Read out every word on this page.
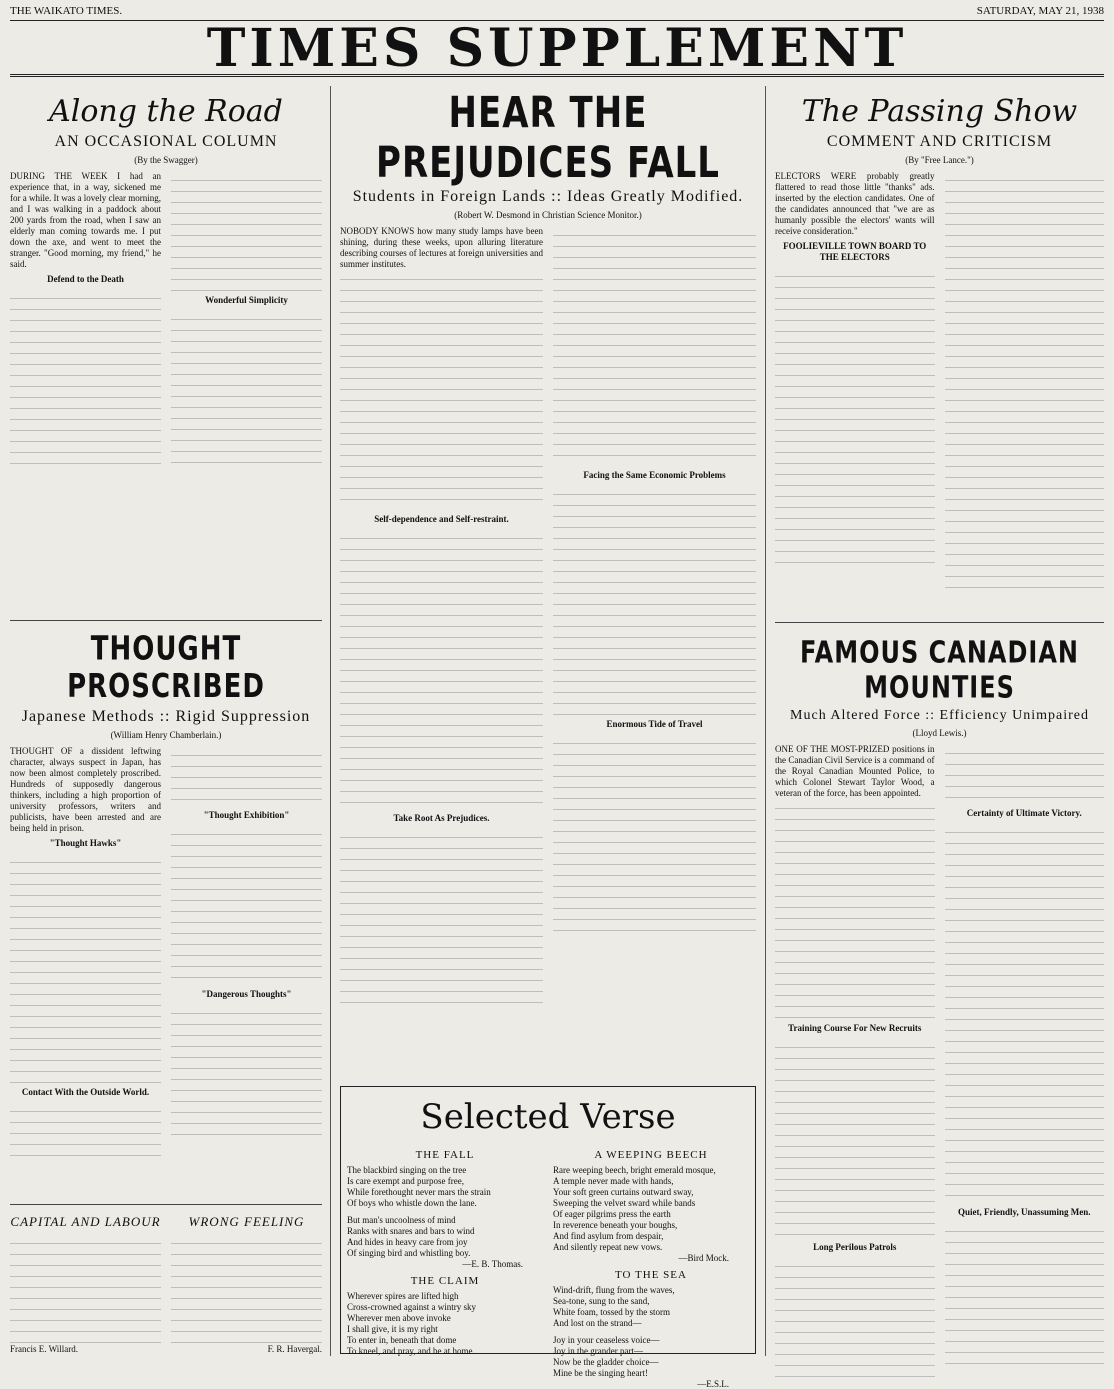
THE WAIKATO TIMES.	SATURDAY, MAY 21, 1938
TIMES SUPPLEMENT
Along the Road
AN OCCASIONAL COLUMN
(By the Swagger)
DURING THE WEEK I had an experience that, in a way, sickened me for a while. It was a lovely clear morning, and I was walking in a paddock about 200 yards from the road, when I saw an elderly man coming towards me. I put down the axe, and went to meet the stranger. "Good morning, my friend," he said.
Defend to the Death
Wonderful Simplicity
THOUGHT PROSCRIBED
Japanese Methods :: Rigid Suppression
(William Henry Chamberlain.)
THOUGHT OF a dissident leftwing character, always suspect in Japan, has now been almost completely proscribed. Hundreds of supposedly dangerous thinkers, including a high proportion of university professors, writers and publicists, have been arrested and are being held in prison.
"Thought Hawks"
Contact With the Outside World.
"Thought Exhibition"
"Dangerous Thoughts"
CAPITAL AND LABOUR
Francis E. Willard.
WRONG FEELING
F. R. Havergal.
HEAR THE PREJUDICES FALL
Students in Foreign Lands :: Ideas Greatly Modified.
(Robert W. Desmond in Christian Science Monitor.)
NOBODY KNOWS how many study lamps have been shining, during these weeks, upon alluring literature describing courses of lectures at foreign universities and summer institutes.
Self-dependence and Self-restraint.
Take Root As Prejudices.
Facing the Same Economic Problems
Enormous Tide of Travel
Selected Verse
THE FALL
The blackbird singing on the tree
Is care exempt and purpose free,
While forethought never mars the strain
Of boys who whistle down the lane.
But man's uncoolness of mind
Ranks with snares and bars to wind
And hides in heavy care from joy
Of singing bird and whistling boy.
—E. B. Thomas.
THE CLAIM
Wherever spires are lifted high
Cross-crowned against a wintry sky
Wherever men above invoke
I shall give, it is my right
To enter in, beneath that dome
To kneel, and pray, and be at home.
A WEEPING BEECH
Rare weeping beech, bright emerald mosque,
A temple never made with hands,
Your soft green curtains outward sway,
Sweeping the velvet sward while bands
Of eager pilgrims press the earth
In reverence beneath your boughs,
And find asylum from despair,
And silently repeat new vows.
—Bird Mock.
TO THE SEA
Wind-drift, flung from the waves,
Sea-tone, sung to the sand,
White foam, tossed by the storm
And lost on the strand—
Joy in your ceaseless voice—
Joy in the grander part—
Now be the gladder choice—
Mine be the singing heart!
—E.S.L.
The Passing Show
COMMENT AND CRITICISM
(By "Free Lance.")
ELECTORS WERE probably greatly flattered to read those little "thanks" ads. inserted by the election candidates. One of the candidates announced that "we are as humanly possible the electors' wants will receive consideration."
FOOLIEVILLE TOWN BOARD TO THE ELECTORS
FAMOUS CANADIAN MOUNTIES
Much Altered Force :: Efficiency Unimpaired
(Lloyd Lewis.)
ONE OF THE MOST-PRIZED positions in the Canadian Civil Service is a command of the Royal Canadian Mounted Police, to which Colonel Stewart Taylor Wood, a veteran of the force, has been appointed.
Training Course For New Recruits
Long Perilous Patrols
Certainty of Ultimate Victory.
Quiet, Friendly, Unassuming Men.
